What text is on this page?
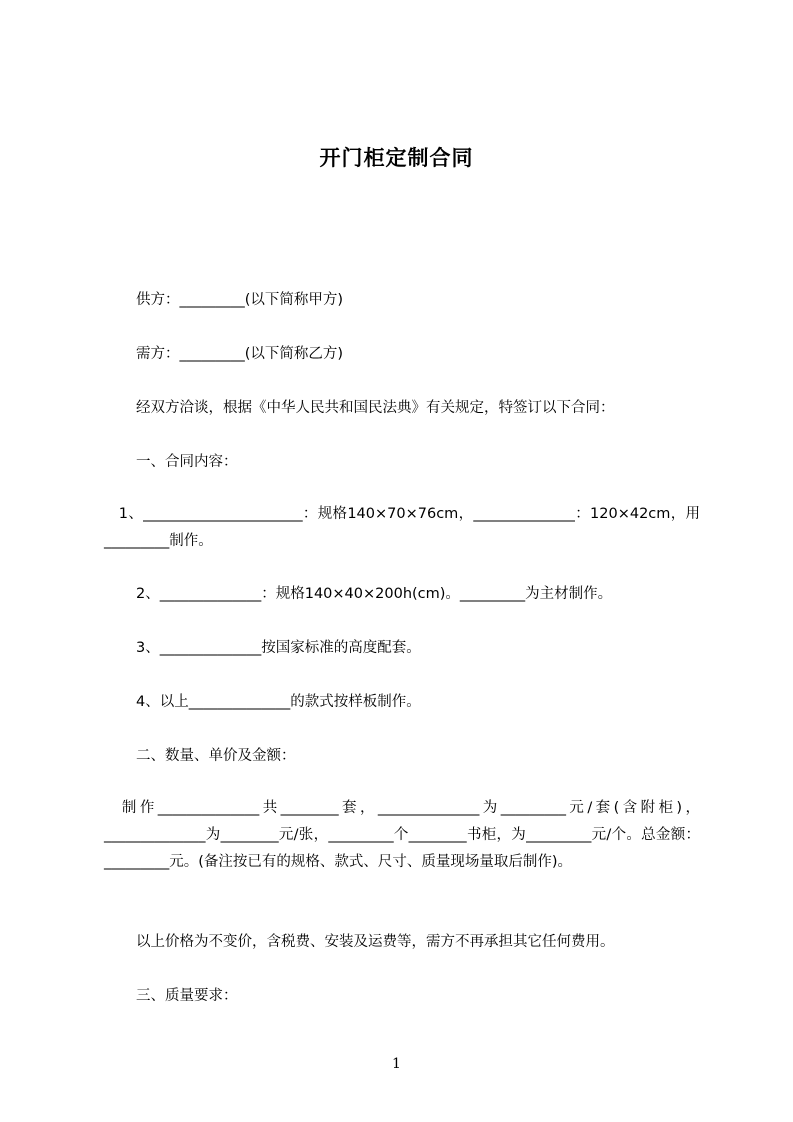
开门柜定制合同
供方：_________(以下简称甲方)
需方：_________(以下简称乙方)
经双方洽谈，根据《中华人民共和国民法典》有关规定，特签订以下合同：
一、合同内容：
　1、______________________：规格140×70×76cm，______________：120×42cm，用_________制作。
2、______________：规格140×40×200h(cm)。_________为主材制作。
3、______________按国家标准的高度配套。
4、以上______________的款式按样板制作。
二、数量、单价及金额：
　制作______________共________套，______________为_________元/套(含附柜)，______________为________元/张，_________个________书柜，为_________元/个。总金额：_________元。(备注按已有的规格、款式、尺寸、质量现场量取后制作)。
以上价格为不变价，含税费、安装及运费等，需方不再承担其它任何费用。
三、质量要求：
1
